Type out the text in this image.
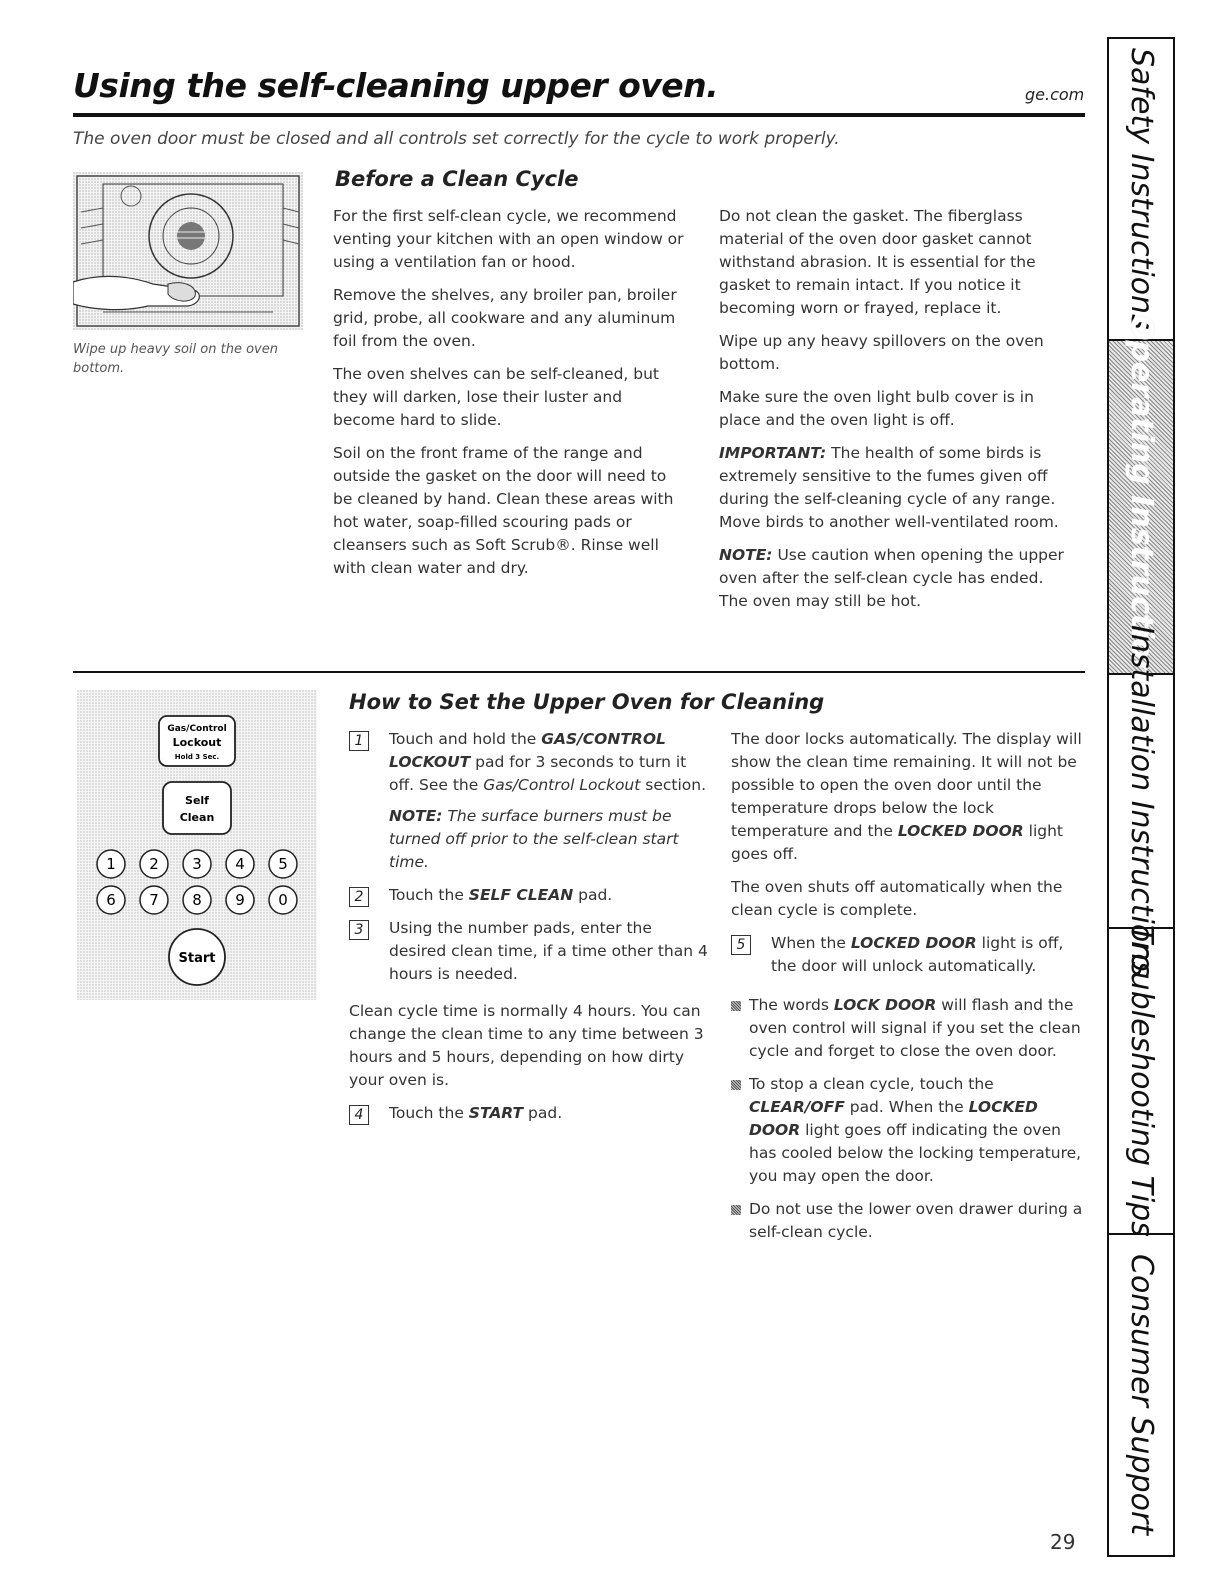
Using the self-cleaning upper oven.	ge.com
The oven door must be closed and all controls set correctly for the cycle to work properly.
Wipe up heavy soil on the oven bottom.
Before a Clean Cycle

For the first self-clean cycle, we recommend venting your kitchen with an open window or using a ventilation fan or hood.

Remove the shelves, any broiler pan, broiler grid, probe, all cookware and any aluminum foil from the oven.

The oven shelves can be self-cleaned, but they will darken, lose their luster and become hard to slide.

Soil on the front frame of the range and outside the gasket on the door will need to be cleaned by hand. Clean these areas with hot water, soap-filled scouring pads or cleansers such as Soft Scrub®. Rinse well with clean water and dry.

Do not clean the gasket. The fiberglass material of the oven door gasket cannot withstand abrasion. It is essential for the gasket to remain intact. If you notice it becoming worn or frayed, replace it.

Wipe up any heavy spillovers on the oven bottom.

Make sure the oven light bulb cover is in place and the oven light is off.

IMPORTANT: The health of some birds is extremely sensitive to the fumes given off during the self-cleaning cycle of any range. Move birds to another well-ventilated room.

NOTE: Use caution when opening the upper oven after the self-clean cycle has ended. The oven may still be hot.

Gas/Control
Lockout
Hold 3 Sec.
Self
Clean
1 2 3 4 5
6 7 8 9 0
Start
How to Set the Upper Oven for Cleaning
1	Touch and hold the GAS/CONTROL LOCKOUT pad for 3 seconds to turn it off. See the Gas/Control Lockout section.
NOTE: The surface burners must be turned off prior to the self-clean start time.
2	Touch the SELF CLEAN pad.
3	Using the number pads, enter the desired clean time, if a time other than 4 hours is needed.

Clean cycle time is normally 4 hours. You can change the clean time to any time between 3 hours and 5 hours, depending on how dirty your oven is.

4	Touch the START pad.

The door locks automatically. The display will show the clean time remaining. It will not be possible to open the oven door until the temperature drops below the lock temperature and the LOCKED DOOR light goes off.

The oven shuts off automatically when the clean cycle is complete.

5	When the LOCKED DOOR light is off, the door will unlock automatically.
The words LOCK DOOR will flash and the oven control will signal if you set the clean cycle and forget to close the oven door.
To stop a clean cycle, touch the CLEAR/OFF pad. When the LOCKED DOOR light goes off indicating the oven has cooled below the locking temperature, you may open the door.
Do not use the lower oven drawer during a self-clean cycle.
Safety Instructions
Operating Instructions
Installation Instructions
Troubleshooting Tips
Consumer Support
29
